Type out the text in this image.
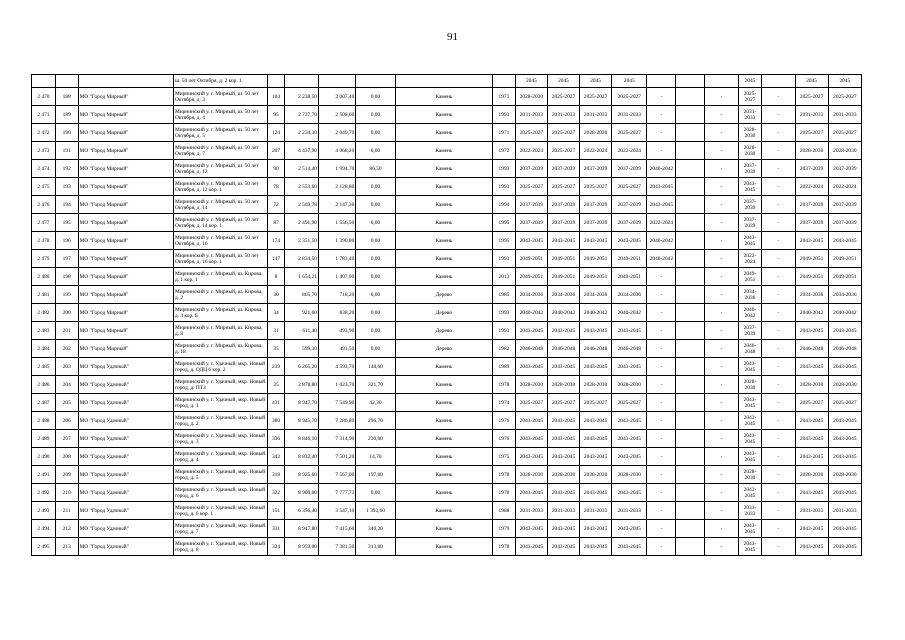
91
			ш. 50 лет Октября, д. 2 кор. 1							2045	2045	2045	2045				2045		2045	2045
2 470	188	МО "Город Мирный"	Мирнинский у. г. Мирный, ш. 50 лет Октября, д. 3	104	2 238,50	2 007,40	0,00	Камень	1971	2028-2030	2025-2027	2025-2027	2025-2027	-		-	2025-2027	-	2025-2027	2025-2027
2 471	189	МО "Город Мирный"	Мирнинский у. г. Мирный, ш. 50 лет Октября, д. 4	95	2 737,70	2 508,60	0,00	Камень	1993	2031-2033	2031-2033	2031-2033	2031-2033	-		-	2031-2033	-	2031-2033	2031-2033
2 472	190	МО "Город Мирный"	Мирнинский у. г. Мирный, ш. 50 лет Октября, д. 5	124	2 234,30	2 049,70	0,00	Камень	1971	2025-2027	2025-2027	2028-2030	2025-2027	-		-	2028-2030	-	2025-2027	2025-2027
2 473	191	МО "Город Мирный"	Мирнинский у. г. Мирный, ш. 50 лет Октября, д. 7	207	4 437,90	4 068,20	0,00	Камень	1972	2022-2024	2025-2027	2022-2024	2022-2024	-		-	2028-2030	-	2028-2030	2028-2030
2 474	192	МО "Город Мирный"	Мирнинский у. г. Мирный, ш. 50 лет Октября, д. 12	90	2 514,40	1 994,70	86,50	Камень	1993	2037-2039	2037-2039	2037-2039	2037-2039	2040-2042		-	2037-2039	-	2037-2039	2037-2039
2 475	193	МО "Город Мирный"	Мирнинский у. г. Мирный, ш. 50 лет Октября, д. 12 кор. 1	78	2 553,60	2 128,80	0,00	Камень	1993	2025-2027	2025-2027	2025-2027	2025-2027	2043-2045		-	2043-2045	-	2022-2024	2022-2024
2 476	194	МО "Город Мирный"	Мирнинский у. г. Мирный, ш. 50 лет Октября, д. 14	72	2 569,78	2 147,36	0,00	Камень	1994	2037-2039	2037-2039	2037-2039	2037-2039	2043-2045		-	2037-2039	-	2037-2039	2037-2039
2 477	195	МО "Город Мирный"	Мирнинский у. г. Мирный, ш. 50 лет Октября, д. 14 кор. 1	87	2 491,90	1 556,50	0,00	Камень	1995	2037-2039	2037-2039	2037-2039	2037-2039	2022-2024		-	2037-2039	-	2037-2039	2037-2039
2 478	196	МО "Город Мирный"	Мирнинский у. г. Мирный, ш. 50 лет Октября, д. 16	174	2 351,50	1 390,80	0,00	Камень	1995	2043-2045	2043-2045	2043-2045	2043-2045	2040-2042		-	2043-2045	-	2043-2045	2043-2045
2 479	197	МО "Город Мирный"	Мирнинский у. г. Мирный, ш. 50 лет Октября, д. 16 кор. 1	147	2 834,50	1 783,40	0,00	Камень	1993	2049-2051	2049-2051	2049-2051	2049-2051	2040-2042		-	2022-2024	-	2049-2051	2049-2051
2 480	198	МО "Город Мирный"	Мирнинский у. г. Мирный, ш. Кирова, д. 1 кор. 1	8	1 654,21	1 407,00	0,00	Камень	2013	2049-2051	2049-2051	2049-2051	2049-2051	-		-	2049-2051	-	2049-2051	2049-2051
2 481	199	МО "Город Мирный"	Мирнинский у. г. Мирный, ш. Кирова, д. 2	30	805,70	718,20	0,00	Дерево	1985	2034-2036	2034-2036	2034-2036	2034-2036	-		-	2034-2036	-	2034-2036	2034-2036
2 482	200	МО "Город Мирный"	Мирнинский у. г. Мирный, ш. Кирова, д. 4 кор. Б	34	921,60	838,20	0,00	Дерево	1993	2040-2042	2040-2042	2040-2042	2040-2042	-		-	2040-2042	-	2040-2042	2040-2042
2 483	201	МО "Город Мирный"	Мирнинский у. г. Мирный, ш. Кирова, д. 8	31	611,40	493,90	0,00	Дерево	1993	2043-2045	2043-2045	2043-2045	2043-2045	-		-	2037-2039	-	2043-2045	2043-2045
2 484	202	МО "Город Мирный"	Мирнинский у. г. Мирный, ш. Кирова, д. 18	35	599,30	491,50	0,00	Дерево	1982	2046-2048	2046-2048	2046-2048	2046-2048	-		-	2046-2048	-	2046-2048	2046-2048
2 485	203	МО "Город Удачный"	Мирнинский у. г. Удачный, мкр. Новый город, д. ОДЦ 6 кор. 2	239	6 265,20	4 593,70	148,60	Камень	1989	2043-2045	2043-2045	2043-2045	2043-2045	-		-	2043-2045	-	2043-2045	2043-2045
2 486	204	МО "Город Удачный"	Мирнинский у. г. Удачный, мкр. Новый город, д. ПТЗ	25	2 878,80	1 023,70	321,70	Камень	1978	2028-2030	2028-2030	2028-2030	2028-2030	-		-	2028-2030	-	2028-2030	2028-2030
2 487	205	МО "Город Удачный"	Мирнинский у. г. Удачный, мкр. Новый город, д. 1	431	8 947,70	7 549,90	42,30	Камень	1974	2025-2027	2025-2027	2025-2027	2025-2027	-		-	2043-2045	-	2025-2027	2025-2027
2 488	206	МО "Город Удачный"	Мирнинский у. г. Удачный, мкр. Новый город, д. 2	380	8 945,70	7 286,80	296,70	Камень	1976	2043-2045	2043-2045	2043-2045	2043-2045	-		-	2043-2045	-	2043-2045	2043-2045
2 489	207	МО "Город Удачный"	Мирнинский у. г. Удачный, мкр. Новый город, д. 3	336	8 846,10	7 314,90	230,00	Камень	1976	2043-2045	2043-2045	2043-2045	2043-2045	-		-	2043-2045	-	2043-2045	2043-2045
2 490	208	МО "Город Удачный"	Мирнинский у. г. Удачный, мкр. Новый город, д. 4	342	8 832,40	7 501,20	14,70	Камень	1975	2043-2045	2043-2045	2043-2045	2043-2045	-		-	2043-2045	-	2043-2045	2043-2045
2 491	209	МО "Город Удачный"	Мирнинский у. г. Удачный, мкр. Новый город, д. 5	318	8 925,60	7 567,00	197,00	Камень	1978	2028-2030	2028-2030	2028-2030	2028-2030	-		-	2028-2030	-	2028-2030	2028-2030
2 492	210	МО "Город Удачный"	Мирнинский у. г. Удачный, мкр. Новый город, д. 6	322	8 900,00	7 777,73	0,00	Камень	1978	2043-2045	2043-2045	2043-2045	2043-2045	-		-	2043-2045	-	2043-2045	2043-2045
2 493	211	МО "Город Удачный"	Мирнинский у. г. Удачный, мкр. Новый город, д. 6 кор. 1	151	6 356,40	3 547,10	1 392,60	Камень	1988	2031-2033	2031-2033	2031-2033	2031-2033	-		-	2031-2033	-	2031-2033	2031-2033
2 494	212	МО "Город Удачный"	Мирнинский у. г. Удачный, мкр. Новый город, д. 7	331	8 947,80	7 415,60	340,20	Камень	1979	2043-2045	2043-2045	2043-2045	2043-2045	-		-	2043-2045	-	2043-2045	2043-2045
2 495	213	МО "Город Удачный"	Мирнинский у. г. Удачный, мкр. Новый город, д. 8	324	8 959,00	7 381,50	313,00	Камень	1978	2043-2045	2043-2045	2043-2045	2043-2045	-		-	2043-2045	-	2043-2045	2043-2045
